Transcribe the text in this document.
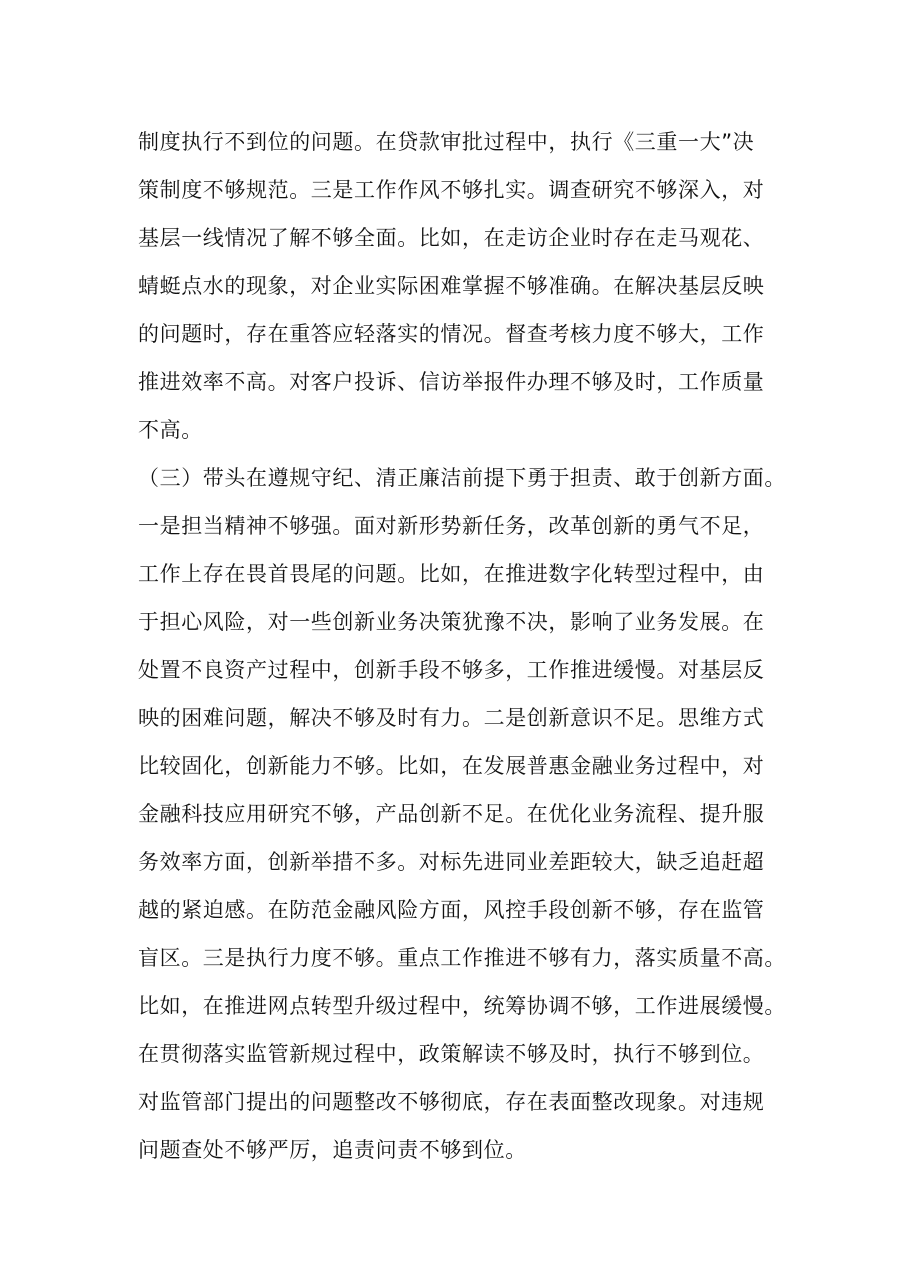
制度执行不到位的问题。在贷款审批过程中，执行《三重一大”决
策制度不够规范。三是工作作风不够扎实。调查研究不够深入，对
基层一线情况了解不够全面。比如，在走访企业时存在走马观花、
蜻蜓点水的现象，对企业实际困难掌握不够准确。在解决基层反映
的问题时，存在重答应轻落实的情况。督查考核力度不够大，工作
推进效率不高。对客户投诉、信访举报件办理不够及时，工作质量
不高。
（三）带头在遵规守纪、清正廉洁前提下勇于担责、敢于创新方面。
一是担当精神不够强。面对新形势新任务，改革创新的勇气不足，
工作上存在畏首畏尾的问题。比如，在推进数字化转型过程中，由
于担心风险，对一些创新业务决策犹豫不决，影响了业务发展。在
处置不良资产过程中，创新手段不够多，工作推进缓慢。对基层反
映的困难问题，解决不够及时有力。二是创新意识不足。思维方式
比较固化，创新能力不够。比如，在发展普惠金融业务过程中，对
金融科技应用研究不够，产品创新不足。在优化业务流程、提升服
务效率方面，创新举措不多。对标先进同业差距较大，缺乏追赶超
越的紧迫感。在防范金融风险方面，风控手段创新不够，存在监管
盲区。三是执行力度不够。重点工作推进不够有力，落实质量不高。
比如，在推进网点转型升级过程中，统筹协调不够，工作进展缓慢。
在贯彻落实监管新规过程中，政策解读不够及时，执行不够到位。
对监管部门提出的问题整改不够彻底，存在表面整改现象。对违规
问题查处不够严厉，追责问责不够到位。
